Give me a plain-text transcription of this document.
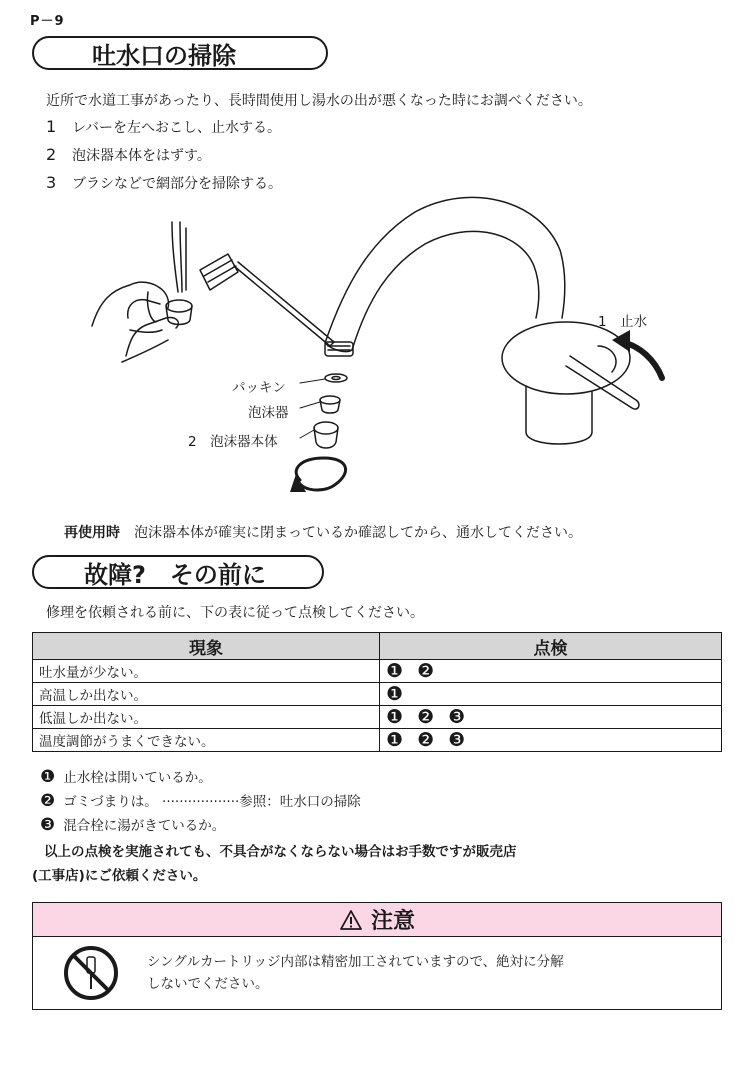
P－9
吐水口の掃除
近所で水道工事があったり、長時間使用し湯水の出が悪くなった時にお調べください。
1 レバーを左へおこし、止水する。
2 泡沫器本体をはずす。
3 ブラシなどで網部分を掃除する。
1　止水
パッキン
泡沫器
2　泡沫器本体
再使用時　 泡沫器本体が確実に閉まっているか確認してから、通水してください。
故障?　その前に
修理を依頼される前に、下の表に従って点検してください。
現象	点検
吐水量が少ない。	❶ ❷
高温しか出ない。	❶
低温しか出ない。	❶ ❷ ❸
温度調節がうまくできない。	❶ ❷ ❸
❶ 止水栓は開いているか。
❷ ゴミづまりは。 ··················参照：吐水口の掃除
❸ 混合栓に湯がきているか。
以上の点検を実施されても、不具合がなくならない場合はお手数ですが販売店
(工事店)にご依頼ください。
注意
シングルカートリッジ内部は精密加工されていますので、絶対に分解
しないでください。
